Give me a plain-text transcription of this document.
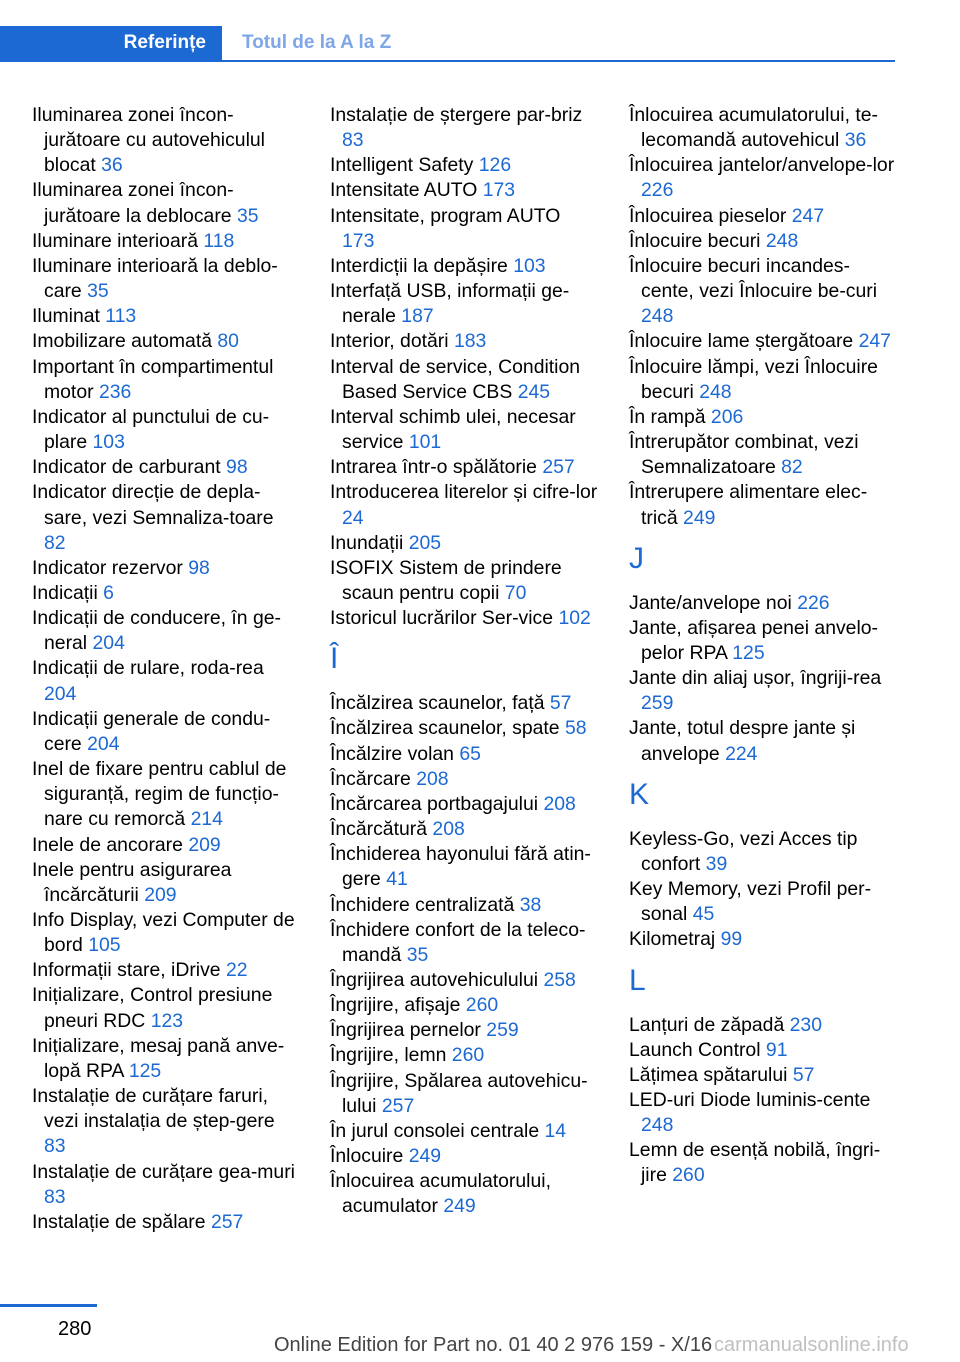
Referințe Totul de la A la Z
Iluminarea zonei încon‐jurătoare cu autovehiculul blocat 36
Iluminarea zonei încon‐jurătoare la deblocare 35
Iluminare interioară 118
Iluminare interioară la deblo‐care 35
Iluminat 113
Imobilizare automată 80
Important în compartimentul motor 236
Indicator al punctului de cu‐plare 103
Indicator de carburant 98
Indicator direcție de depla‐sare, vezi Semnaliza‐toare 82
Indicator rezervor 98
Indicații 6
Indicații de conducere, în ge‐neral 204
Indicații de rulare, roda‐rea 204
Indicații generale de condu‐cere 204
Inel de fixare pentru cablul de siguranță, regim de funcțio‐nare cu remorcă 214
Inele de ancorare 209
Inele pentru asigurarea încărcăturii 209
Info Display, vezi Computer de bord 105
Informații stare, iDrive 22
Inițializare, Control presiune pneuri RDC 123
Inițializare, mesaj pană anve‐lopă RPA 125
Instalație de curățare faruri, vezi instalația de ștер‐gere 83
Instalație de curățare gea‐muri 83
Instalație de spălare 257
Instalație de ștergere par‐briz 83
Intelligent Safety 126
Intensitate AUTO 173
Intensitate, program AUTO 173
Interdicții la depășire 103
Interfață USB, informații ge‐nerale 187
Interior, dotări 183
Interval de service, Condition Based Service CBS 245
Interval schimb ulei, necesar service 101
Intrarea într-o spălătorie 257
Introducerea literelor și cifre‐lor 24
Inundații 205
ISOFIX Sistem de prindere scaun pentru copii 70
Istoricul lucrărilor Ser‐vice 102
Î
Încălzirea scaunelor, față 57
Încălzirea scaunelor, spate 58
Încălzire volan 65
Încărcare 208
Încărcarea portbagajului 208
Încărcătură 208
Închiderea hayonului fără atin‐gere 41
Închidere centralizată 38
Închidere confort de la teleco‐mandă 35
Îngrijirea autovehiculului 258
Îngrijire, afișaje 260
Îngrijirea pernelor 259
Îngrijire, lemn 260
Îngrijire, Spălarea autovehicu‐lului 257
În jurul consolei centrale 14
Înlocuire 249
Înlocuirea acumulatorului, acumulator 249
Înlocuirea acumulatorului, te‐lecomandă autovehicul 36
Înlocuirea jantelor/anvelope‐lor 226
Înlocuirea pieselor 247
Înlocuire becuri 248
Înlocuire becuri incandes‐cente, vezi Înlocuire be‐curi 248
Înlocuire lame ștergătoare 247
Înlocuire lămpi, vezi Înlocuire becuri 248
În rampă 206
Întrerupător combinat, vezi Semnalizatoare 82
Întrerupere alimentare elec‐trică 249
J
Jante/anvelope noi 226
Jante, afișarea penei anvelo‐pelor RPA 125
Jante din aliaj ușor, îngriji‐rea 259
Jante, totul despre jante și anvelope 224
K
Keyless-Go, vezi Acces tip confort 39
Key Memory, vezi Profil per‐sonal 45
Kilometraj 99
L
Lanțuri de zăpadă 230
Launch Control 91
Lățimea spătarului 57
LED-uri Diode luminis‐cente 248
Lemn de esență nobilă, îngri‐jire 260
280
Online Edition for Part no. 01 40 2 976 159 - X/16 carmanualsonline.info
